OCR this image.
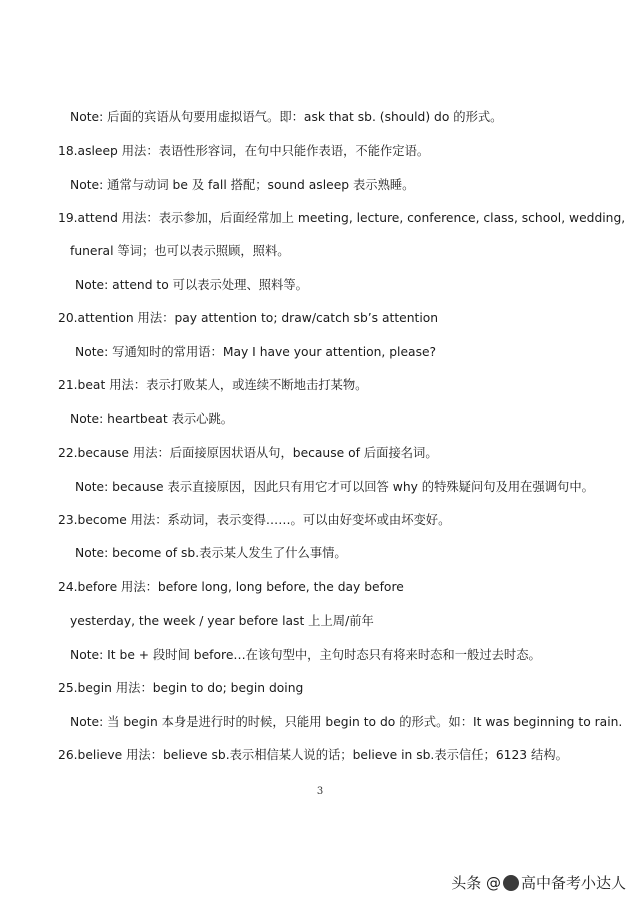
Note: 后面的宾语从句要用虚拟语气。即：ask that sb. (should) do 的形式。
18.asleep 用法：表语性形容词，在句中只能作表语，不能作定语。
Note: 通常与动词 be 及 fall 搭配；sound asleep 表示熟睡。
19.attend 用法：表示参加，后面经常加上 meeting, lecture, conference, class, school, wedding,
funeral 等词；也可以表示照顾，照料。
Note: attend to 可以表示处理、照料等。
20.attention 用法：pay attention to; draw/catch sb’s attention
Note: 写通知时的常用语：May I have your attention, please?
21.beat 用法：表示打败某人，或连续不断地击打某物。
Note: heartbeat 表示心跳。
22.because 用法：后面接原因状语从句，because of 后面接名词。
Note: because 表示直接原因，因此只有用它才可以回答 why 的特殊疑问句及用在强调句中。
23.become 用法：系动词，表示变得……。可以由好变坏或由坏变好。
Note: become of sb.表示某人发生了什么事情。
24.before 用法：before long, long before, the day before
yesterday, the week / year before last 上上周/前年
Note: It be + 段时间 before…在该句型中，主句时态只有将来时态和一般过去时态。
25.begin 用法：begin to do; begin doing
Note: 当 begin 本身是进行时的时候，只能用 begin to do 的形式。如：It was beginning to rain.
26.believe 用法：believe sb.表示相信某人说的话；believe in sb.表示信任；6123 结构。
3
头条 @ 高中备考小达人
